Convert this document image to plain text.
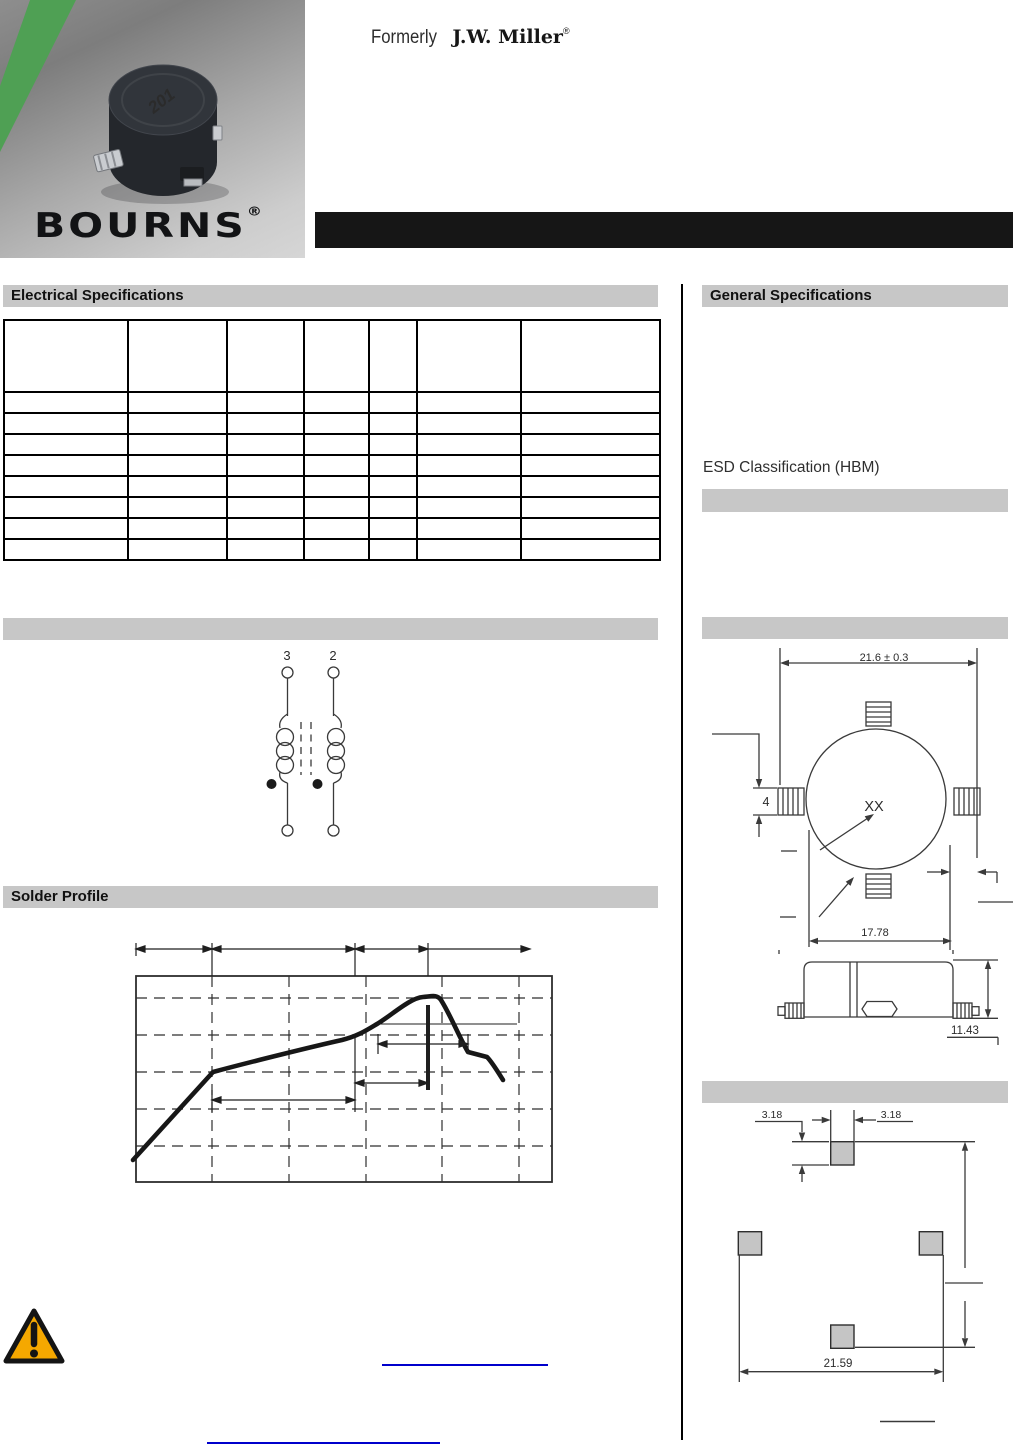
201
BOURNS®
Formerly J.W. Miller®
Electrical Specifications	General Specifications
Solder Profile
ESD Classification (HBM)

3	2	21.6 ± 0.3
4	XX
17.78
11.43
3.18	3.18
21.59
